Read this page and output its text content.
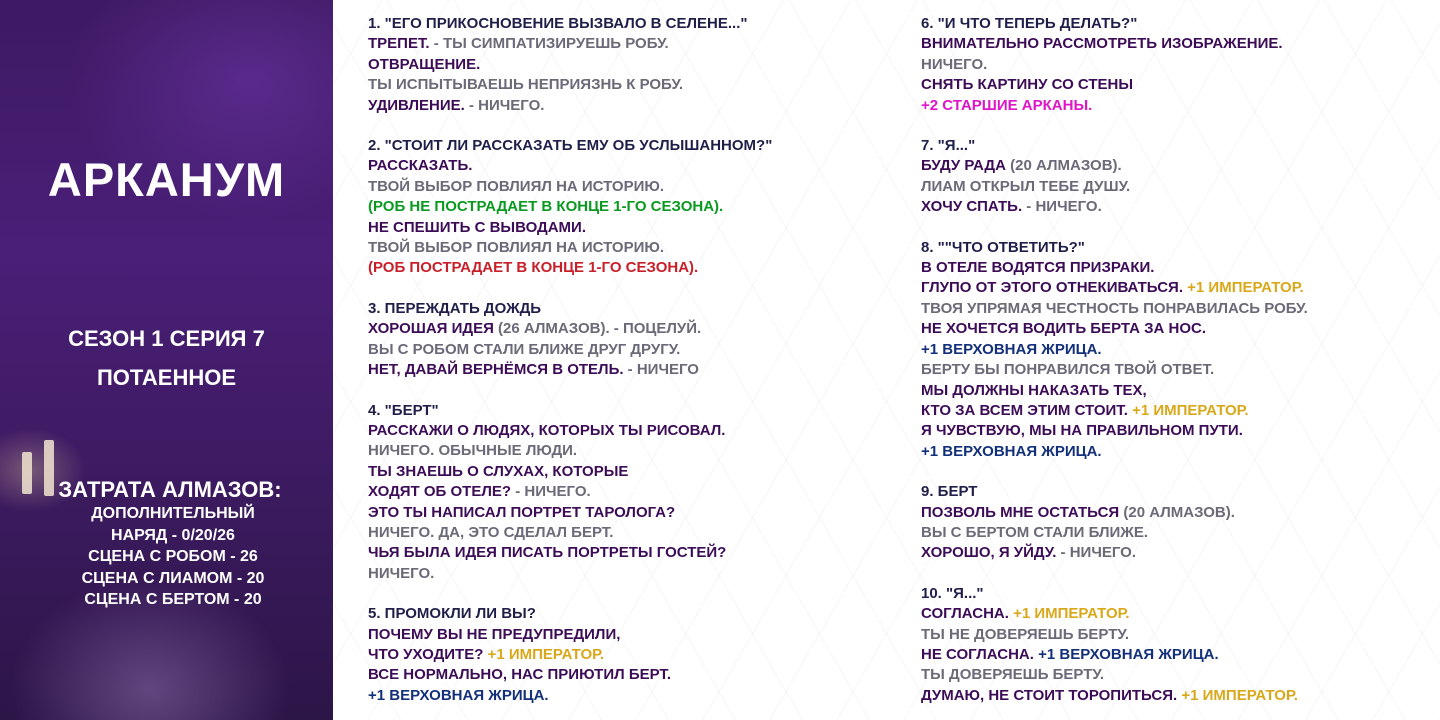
АРКАНУМ
СЕЗОН 1 СЕРИЯ 7
ПОТАЕННОЕ
ЗАТРАТА АЛМАЗОВ:
ДОПОЛНИТЕЛЬНЫЙ
НАРЯД - 0/20/26
СЦЕНА С РОБОМ - 26
СЦЕНА С ЛИАМОМ - 20
СЦЕНА С БЕРТОМ - 20
1. "ЕГО ПРИКОСНОВЕНИЕ ВЫЗВАЛО В СЕЛЕНЕ..."
ТРЕПЕТ. - ТЫ СИМПАТИЗИРУЕШЬ РОБУ.
ОТВРАЩЕНИЕ.
ТЫ ИСПЫТЫВАЕШЬ НЕПРИЯЗНЬ К РОБУ.
УДИВЛЕНИЕ. - НИЧЕГО.
2. "СТОИТ ЛИ РАССКАЗАТЬ ЕМУ ОБ УСЛЫШАННОМ?"
РАССКАЗАТЬ.
ТВОЙ ВЫБОР ПОВЛИЯЛ НА ИСТОРИЮ.
(РОБ НЕ ПОСТРАДАЕТ В КОНЦЕ 1-ГО СЕЗОНА).
НЕ СПЕШИТЬ С ВЫВОДАМИ.
ТВОЙ ВЫБОР ПОВЛИЯЛ НА ИСТОРИЮ.
(РОБ ПОСТРАДАЕТ В КОНЦЕ 1-ГО СЕЗОНА).
3. ПЕРЕЖДАТЬ ДОЖДЬ
ХОРОШАЯ ИДЕЯ (26 АЛМАЗОВ). - ПОЦЕЛУЙ.
ВЫ С РОБОМ СТАЛИ БЛИЖЕ ДРУГ ДРУГУ.
НЕТ, ДАВАЙ ВЕРНЁМСЯ В ОТЕЛЬ. - НИЧЕГО
4. "БЕРТ"
РАССКАЖИ О ЛЮДЯХ, КОТОРЫХ ТЫ РИСОВАЛ.
НИЧЕГО. ОБЫЧНЫЕ ЛЮДИ.
ТЫ ЗНАЕШЬ О СЛУХАХ, КОТОРЫЕ
ХОДЯТ ОБ ОТЕЛЕ? - НИЧЕГО.
ЭТО ТЫ НАПИСАЛ ПОРТРЕТ ТАРОЛОГА?
НИЧЕГО. ДА, ЭТО СДЕЛАЛ БЕРТ.
ЧЬЯ БЫЛА ИДЕЯ ПИСАТЬ ПОРТРЕТЫ ГОСТЕЙ?
НИЧЕГО.
5. ПРОМОКЛИ ЛИ ВЫ?
ПОЧЕМУ ВЫ НЕ ПРЕДУПРЕДИЛИ,
ЧТО УХОДИТЕ? +1 ИМПЕРАТОР.
ВСЕ НОРМАЛЬНО, НАС ПРИЮТИЛ БЕРТ.
+1 ВЕРХОВНАЯ ЖРИЦА.
6. "И ЧТО ТЕПЕРЬ ДЕЛАТЬ?"
ВНИМАТЕЛЬНО РАССМОТРЕТЬ ИЗОБРАЖЕНИЕ.
НИЧЕГО.
СНЯТЬ КАРТИНУ СО СТЕНЫ
+2 СТАРШИЕ АРКАНЫ.
7. "Я..."
БУДУ РАДА (20 АЛМАЗОВ).
ЛИАМ ОТКРЫЛ ТЕБЕ ДУШУ.
ХОЧУ СПАТЬ. - НИЧЕГО.
8. ""ЧТО ОТВЕТИТЬ?"
В ОТЕЛЕ ВОДЯТСЯ ПРИЗРАКИ.
ГЛУПО ОТ ЭТОГО ОТНЕКИВАТЬСЯ. +1 ИМПЕРАТОР.
ТВОЯ УПРЯМАЯ ЧЕСТНОСТЬ ПОНРАВИЛАСЬ РОБУ.
НЕ ХОЧЕТСЯ ВОДИТЬ БЕРТА ЗА НОС.
+1 ВЕРХОВНАЯ ЖРИЦА.
БЕРТУ БЫ ПОНРАВИЛСЯ ТВОЙ ОТВЕТ.
МЫ ДОЛЖНЫ НАКАЗАТЬ ТЕХ,
КТО ЗА ВСЕМ ЭТИМ СТОИТ. +1 ИМПЕРАТОР.
Я ЧУВСТВУЮ, МЫ НА ПРАВИЛЬНОМ ПУТИ.
+1 ВЕРХОВНАЯ ЖРИЦА.
9. БЕРТ
ПОЗВОЛЬ МНЕ ОСТАТЬСЯ (20 АЛМАЗОВ).
ВЫ С БЕРТОМ СТАЛИ БЛИЖЕ.
ХОРОШО, Я УЙДУ. - НИЧЕГО.
10. "Я..."
СОГЛАСНА. +1 ИМПЕРАТОР.
ТЫ НЕ ДОВЕРЯЕШЬ БЕРТУ.
НЕ СОГЛАСНА. +1 ВЕРХОВНАЯ ЖРИЦА.
ТЫ ДОВЕРЯЕШЬ БЕРТУ.
ДУМАЮ, НЕ СТОИТ ТОРОПИТЬСЯ. +1 ИМПЕРАТОР.
